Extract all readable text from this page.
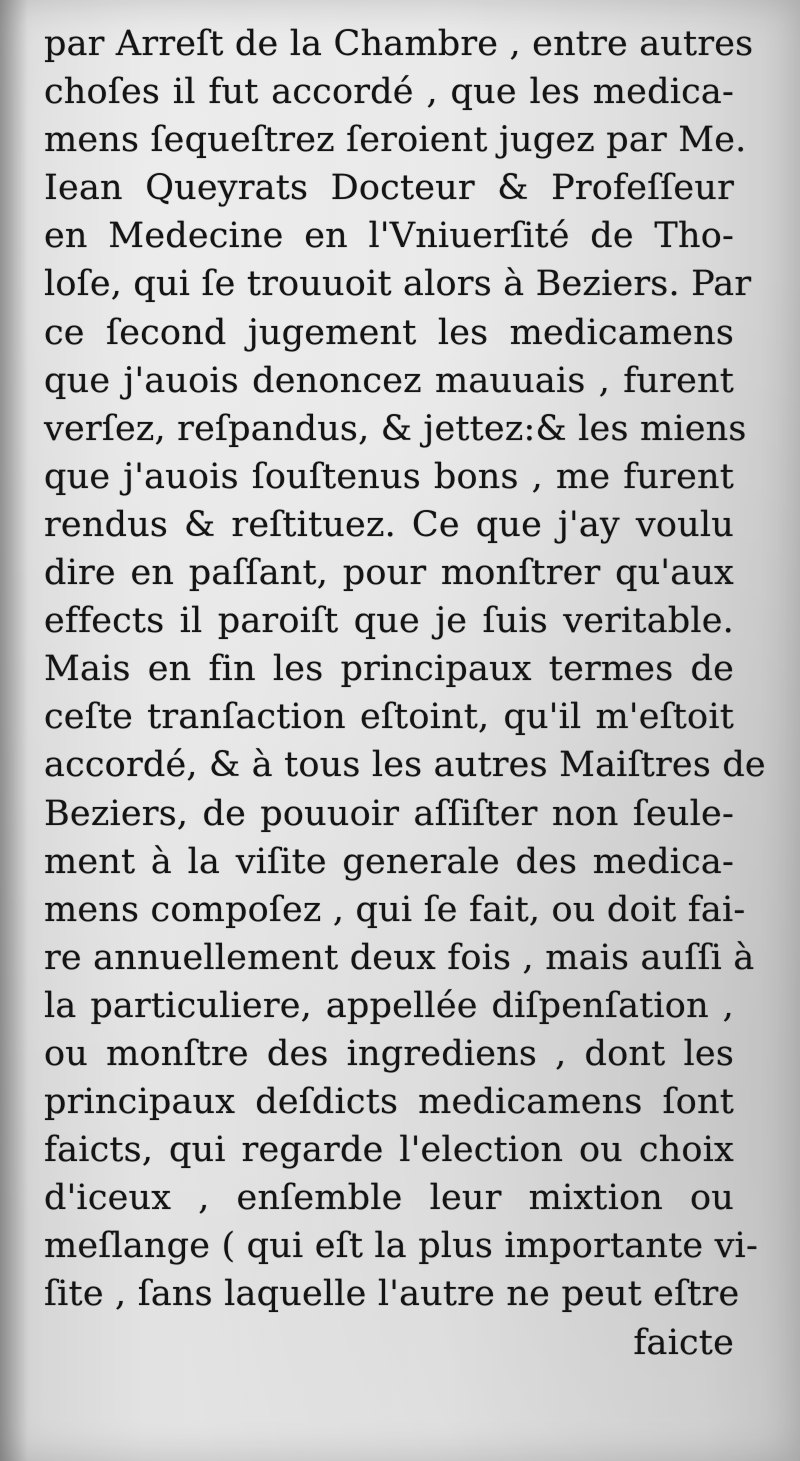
par Arreſt de la Chambre , entre autres
choſes il fut accordé , que les medica-
mens ſequeſtrez ſeroient jugez par Me.
Iean Queyrats Docteur & Profeſſeur
en Medecine en l'Vniuerſité de Tho-
loſe, qui ſe trouuoit alors à Beziers. Par
ce ſecond jugement les medicamens
que j'auois denoncez mauuais , furent
verſez, reſpandus, & jettez:& les miens
que j'auois ſouſtenus bons , me furent
rendus & reſtituez. Ce que j'ay voulu
dire en paſſant, pour monſtrer qu'aux
effects il paroiſt que je ſuis veritable.
Mais en fin les principaux termes de
ceſte tranſaction eſtoint, qu'il m'eſtoit
accordé, & à tous les autres Maiſtres de
Beziers, de pouuoir aſſiſter non ſeule-
ment à la viſite generale des medica-
mens compoſez , qui ſe fait, ou doit fai-
re annuellement deux fois , mais auſſi à
la particuliere, appellée diſpenſation ,
ou monſtre des ingrediens , dont les
principaux deſdicts medicamens ſont
faicts, qui regarde l'election ou choix
d'iceux , enſemble leur mixtion ou
meſlange ( qui eſt la plus importante vi-
ſite , ſans laquelle l'autre ne peut eſtre
faicte
